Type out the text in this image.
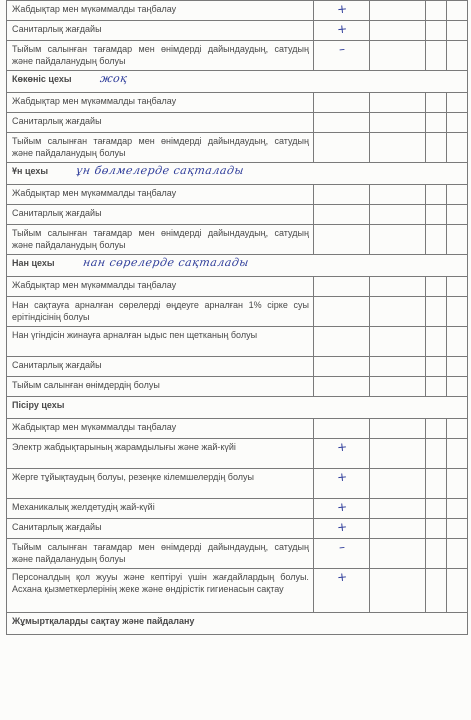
Жабдықтар мен мүкәммалды таңбалау	+			
Санитарлық жағдайы	+			
Тыйым салынған тағамдар мен өнімдерді дайындаудың, сатудың және пайдаланудың болуы	–			
Көкөніс цехы жоқ				
Жабдықтар мен мүкәммалды таңбалау				
Санитарлық жағдайы				
Тыйым салынған тағамдар мен өнімдерді дайындаудың, сатудың және пайдаланудың болуы				
Ұн цехы ұн бөлмелерде сақталады				
Жабдықтар мен мүкәммалды таңбалау				
Санитарлық жағдайы				
Тыйым салынған тағамдар мен өнімдерді дайындаудың, сатудың және пайдаланудың болуы				
Нан цехы нан сөрелерде сақталады				
Жабдықтар мен мүкәммалды таңбалау				
Нан сақтауға арналған сөрелерді өңдеуге арналған 1% сірке суы ерітіндісінің болуы				
Нан үгіндісін жинауға арналған ыдыс пен щетканың болуы				
Санитарлық жағдайы				
Тыйым салынған өнімдердің болуы				
Пісіру цехы				
Жабдықтар мен мүкәммалды таңбалау				
Электр жабдықтарының жарамдылығы және жай-күйі	+			
Жерге тұйықтаудың болуы, резеңке кілемшелердің болуы	+			
Механикалық желдетудің жай-күйі	+			
Санитарлық жағдайы	+			
Тыйым салынған тағамдар мен өнімдерді дайындаудың, сатудың және пайдаланудың болуы	–			
Персоналдың қол жууы және кептіруі үшін жағдайлардың болуы. Асхана қызметкерлерінің жеке және өндірістік гигиенасын сақтау	+			
Жұмыртқаларды сақтау және пайдалану				
